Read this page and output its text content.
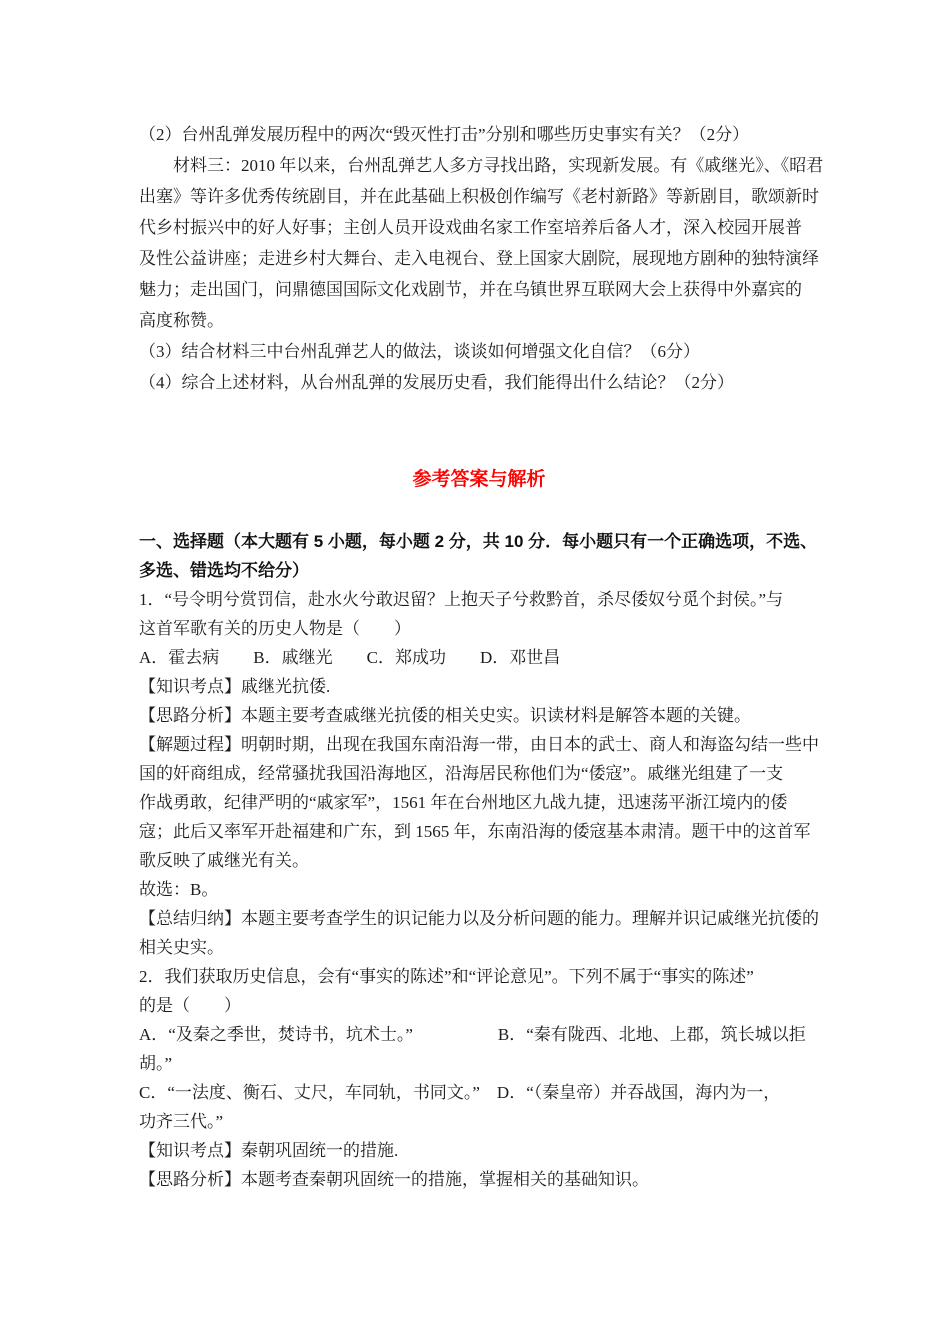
（2）台州乱弹发展历程中的两次“毁灭性打击”分别和哪些历史事实有关？（2分）
　　材料三：2010 年以来，台州乱弹艺人多方寻找出路，实现新发展。有《戚继光》、《昭君
出塞》等许多优秀传统剧目，并在此基础上积极创作编写《老村新路》等新剧目，歌颂新时
代乡村振兴中的好人好事；主创人员开设戏曲名家工作室培养后备人才，深入校园开展普
及性公益讲座；走进乡村大舞台、走入电视台、登上国家大剧院，展现地方剧种的独特演绎
魅力；走出国门，问鼎德国国际文化戏剧节，并在乌镇世界互联网大会上获得中外嘉宾的
高度称赞。
（3）结合材料三中台州乱弹艺人的做法，谈谈如何增强文化自信？（6分）
（4）综合上述材料，从台州乱弹的发展历史看，我们能得出什么结论？（2分）
参考答案与解析
一、选择题（本大题有 5 小题，每小题 2 分，共 10 分．每小题只有一个正确选项，不选、
多选、错选均不给分）
1．“号令明兮赏罚信，赴水火兮敢迟留？上抱天子兮救黔首，杀尽倭奴兮觅个封侯。”与
这首军歌有关的历史人物是（　　）
A．霍去病　　B．戚继光　　C．郑成功　　D．邓世昌
【知识考点】戚继光抗倭.
【思路分析】本题主要考查戚继光抗倭的相关史实。识读材料是解答本题的关键。
【解题过程】明朝时期，出现在我国东南沿海一带，由日本的武士、商人和海盗勾结一些中
国的奸商组成，经常骚扰我国沿海地区，沿海居民称他们为“倭寇”。戚继光组建了一支
作战勇敢，纪律严明的“戚家军”，1561 年在台州地区九战九捷，迅速荡平浙江境内的倭
寇；此后又率军开赴福建和广东，到 1565 年，东南沿海的倭寇基本肃清。题干中的这首军
歌反映了戚继光有关。
故选：B。
【总结归纳】本题主要考查学生的识记能力以及分析问题的能力。理解并识记戚继光抗倭的
相关史实。
2．我们获取历史信息，会有“事实的陈述”和“评论意见”。下列不属于“事实的陈述”
的是（　　）
A．“及秦之季世，焚诗书，坑术士。”　　　　　B．“秦有陇西、北地、上郡，筑长城以拒
胡。”
C．“一法度、衡石、丈尺，车同轨，书同文。”　D．“（秦皇帝）并吞战国，海内为一，
功齐三代。”
【知识考点】秦朝巩固统一的措施.
【思路分析】本题考查秦朝巩固统一的措施，掌握相关的基础知识。
